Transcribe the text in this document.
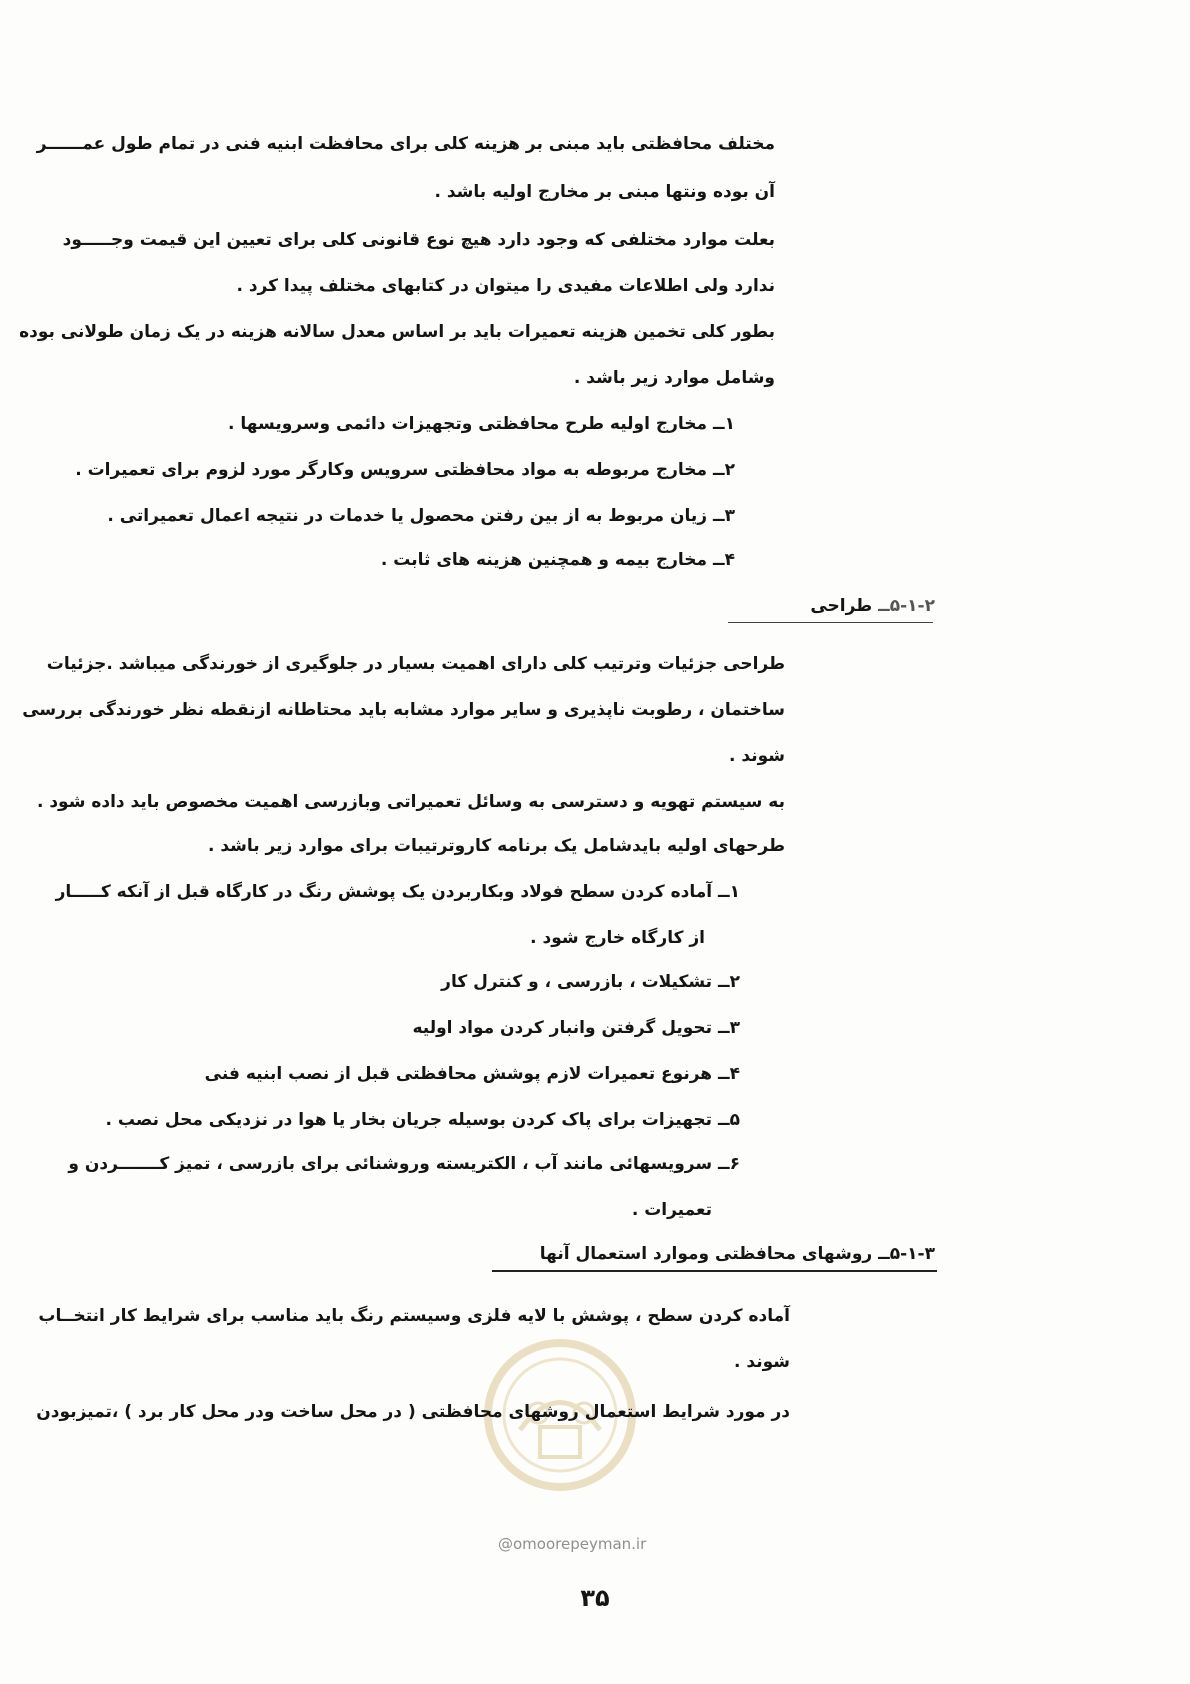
مختلف محافظتی باید مبنی بر هزینه کلی برای محافظت ابنیه فنی در تمام طول عمــــــر
آن بوده ونتها مبنی بر مخارج اولیه باشد .
بعلت موارد مختلفی که وجود دارد هیچ نوع قانونی کلی برای تعیین این قیمت وجـــــود
ندارد ولی اطلاعات مفیدی را میتوان در کتابهای مختلف پیدا کرد .
بطور کلی تخمین هزینه تعمیرات باید بر اساس معدل سالانه هزینه در یک زمان طولانی بوده
وشامل موارد زیر باشد .
۱ــ مخارج اولیه طرح محافظتی وتجهیزات دائمی وسرویسها .
۲ــ مخارج مربوطه به مواد محافظتی سرویس وکارگر مورد لزوم برای تعمیرات .
۳ــ زیان مربوط به از بین رفتن محصول یا خدمات در نتیجه اعمال تعمیراتی .
۴ــ مخارج بیمه و همچنین هزینه های ثابت .
۵-۱-۲ــ طراحی
طراحی جزئیات وترتیب کلی دارای اهمیت بسیار در جلوگیری از خورندگی میباشد .جزئیات
ساختمان ، رطوبت ناپذیری و سایر موارد مشابه باید محتاطانه ازنقطه نظر خورندگی بررسی
شوند .
به سیستم تهویه و دسترسی به وسائل تعمیراتی وبازرسی اهمیت مخصوص باید داده شود .
طرحهای اولیه بایدشامل یک برنامه کاروترتیبات برای موارد زیر باشد .
۱ــ آماده کردن سطح فولاد وبکاربردن یک پوشش رنگ در کارگاه قبل از آنکه کـــــار
از کارگاه خارج شود .
۲ــ تشکیلات ، بازرسی ، و کنترل کار
۳ــ تحویل گرفتن وانبار کردن مواد اولیه
۴ــ هرنوع تعمیرات لازم پوشش محافظتی قبل از نصب ابنیه فنی
۵ــ تجهیزات برای پاک کردن بوسیله جریان بخار یا هوا در نزدیکی محل نصب .
۶ــ سرویسهائی مانند آب ، الکتریسته وروشنائی برای بازرسی ، تمیز کـــــــردن و
تعمیرات .
۵-۱-۳ــ روشهای محافظتی وموارد استعمال آنها
آماده کردن سطح ، پوشش با لایه فلزی وسیستم رنگ باید مناسب برای شرایط کار انتخــاب
شوند .
در مورد شرایط استعمال روشهای محافظتی ( در محل ساخت ودر محل کار برد ) ،تمیزبودن
@omoorepeyman.ir
۳۵
